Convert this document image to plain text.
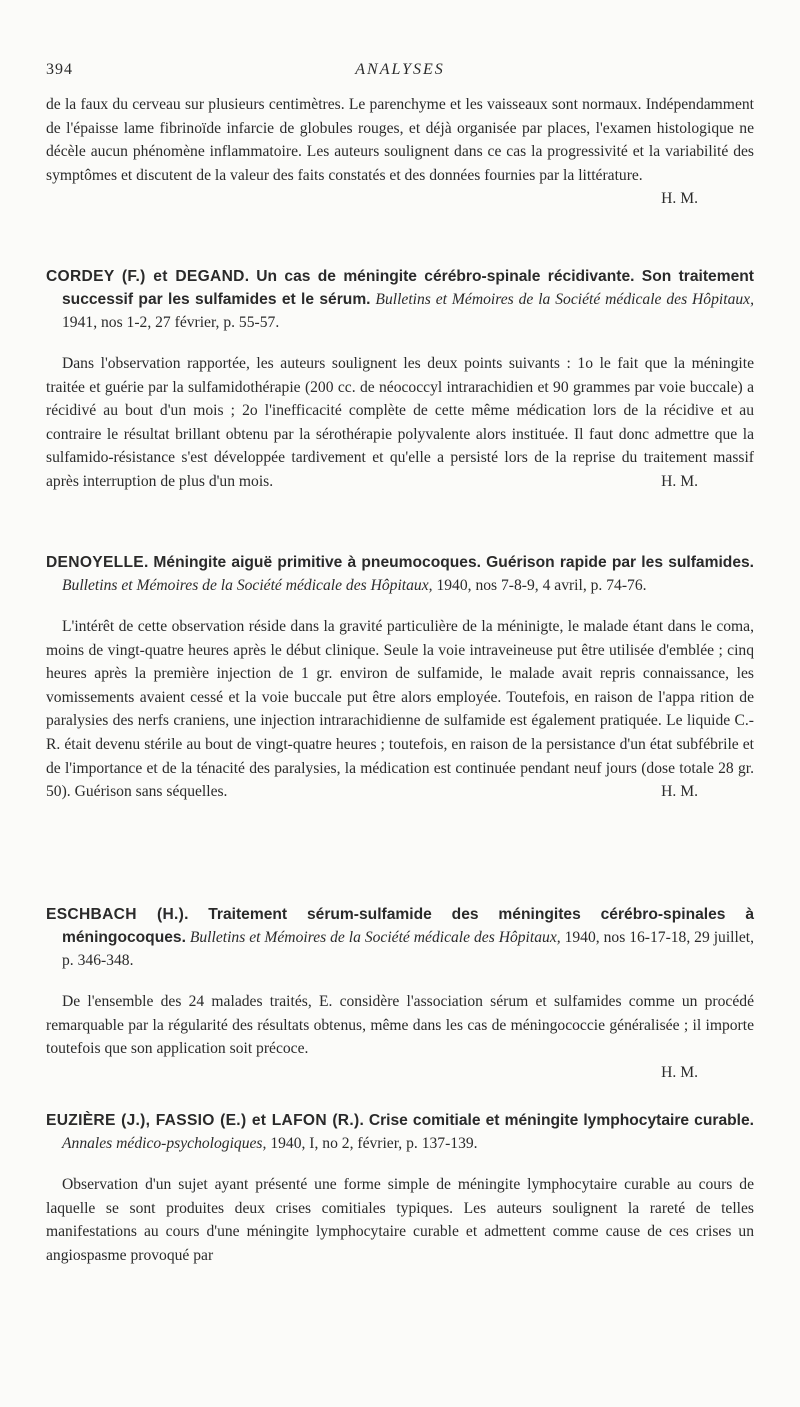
394	ANALYSES

de la faux du cerveau sur plusieurs centimètres. Le parenchyme et les vaisseaux sont normaux. Indépendamment de l'épaisse lame fibrinoïde infarcie de globules rouges, et déjà organisée par places, l'examen histologique ne décèle aucun phénomène inflammatoire. Les auteurs soulignent dans ce cas la progressivité et la variabilité des symptômes et discutent de la valeur des faits constatés et des données fournies par la littérature.

H. M.

CORDEY (F.) et DEGAND. Un cas de méningite cérébro-spinale récidivante. Son traitement successif par les sulfamides et le sérum. Bulletins et Mémoires de la Société médicale des Hôpitaux, 1941, nos 1-2, 27 février, p. 55-57.

Dans l'observation rapportée, les auteurs soulignent les deux points suivants : 1o le fait que la méningite traitée et guérie par la sulfamidothérapie (200 cc. de néococcyl intrarachidien et 90 grammes par voie buccale) a récidivé au bout d'un mois ; 2o l'inefficacité complète de cette même médication lors de la récidive et au contraire le résultat brillant obtenu par la sérothérapie polyvalente alors instituée. Il faut donc admettre que la sulfamido-résistance s'est développée tardivement et qu'elle a persisté lors de la reprise du traitement massif après interruption de plus d'un mois.	H. M.

DENOYELLE. Méningite aiguë primitive à pneumocoques. Guérison rapide par les sulfamides. Bulletins et Mémoires de la Société médicale des Hôpitaux, 1940, nos 7-8-9, 4 avril, p. 74-76.

L'intérêt de cette observation réside dans la gravité particulière de la méninigte, le malade étant dans le coma, moins de vingt-quatre heures après le début clinique. Seule la voie intraveineuse put être utilisée d'emblée ; cinq heures après la première injection de 1 gr. environ de sulfamide, le malade avait repris connaissance, les vomissements avaient cessé et la voie buccale put être alors employée. Toutefois, en raison de l'appa rition de paralysies des nerfs craniens, une injection intrarachidienne de sulfamide est également pratiquée. Le liquide C.-R. était devenu stérile au bout de vingt-quatre heures ; toutefois, en raison de la persistance d'un état subfébrile et de l'importance et de la ténacité des paralysies, la médication est continuée pendant neuf jours (dose totale 28 gr. 50). Guérison sans séquelles.	H. M.

ESCHBACH (H.). Traitement sérum-sulfamide des méningites cérébro-spinales à méningocoques. Bulletins et Mémoires de la Société médicale des Hôpitaux, 1940, nos 16-17-18, 29 juillet, p. 346-348.

De l'ensemble des 24 malades traités, E. considère l'association sérum et sulfamides comme un procédé remarquable par la régularité des résultats obtenus, même dans les cas de méningococcie généralisée ; il importe toutefois que son application soit précoce.

H. M.

EUZIÈRE (J.), FASSIO (E.) et LAFON (R.). Crise comitiale et méningite lymphocytaire curable. Annales médico-psychologiques, 1940, I, no 2, février, p. 137-139.

Observation d'un sujet ayant présenté une forme simple de méningite lymphocytaire curable au cours de laquelle se sont produites deux crises comitiales typiques. Les auteurs soulignent la rareté de telles manifestations au cours d'une méningite lymphocytaire curable et admettent comme cause de ces crises un angiospasme provoqué par
